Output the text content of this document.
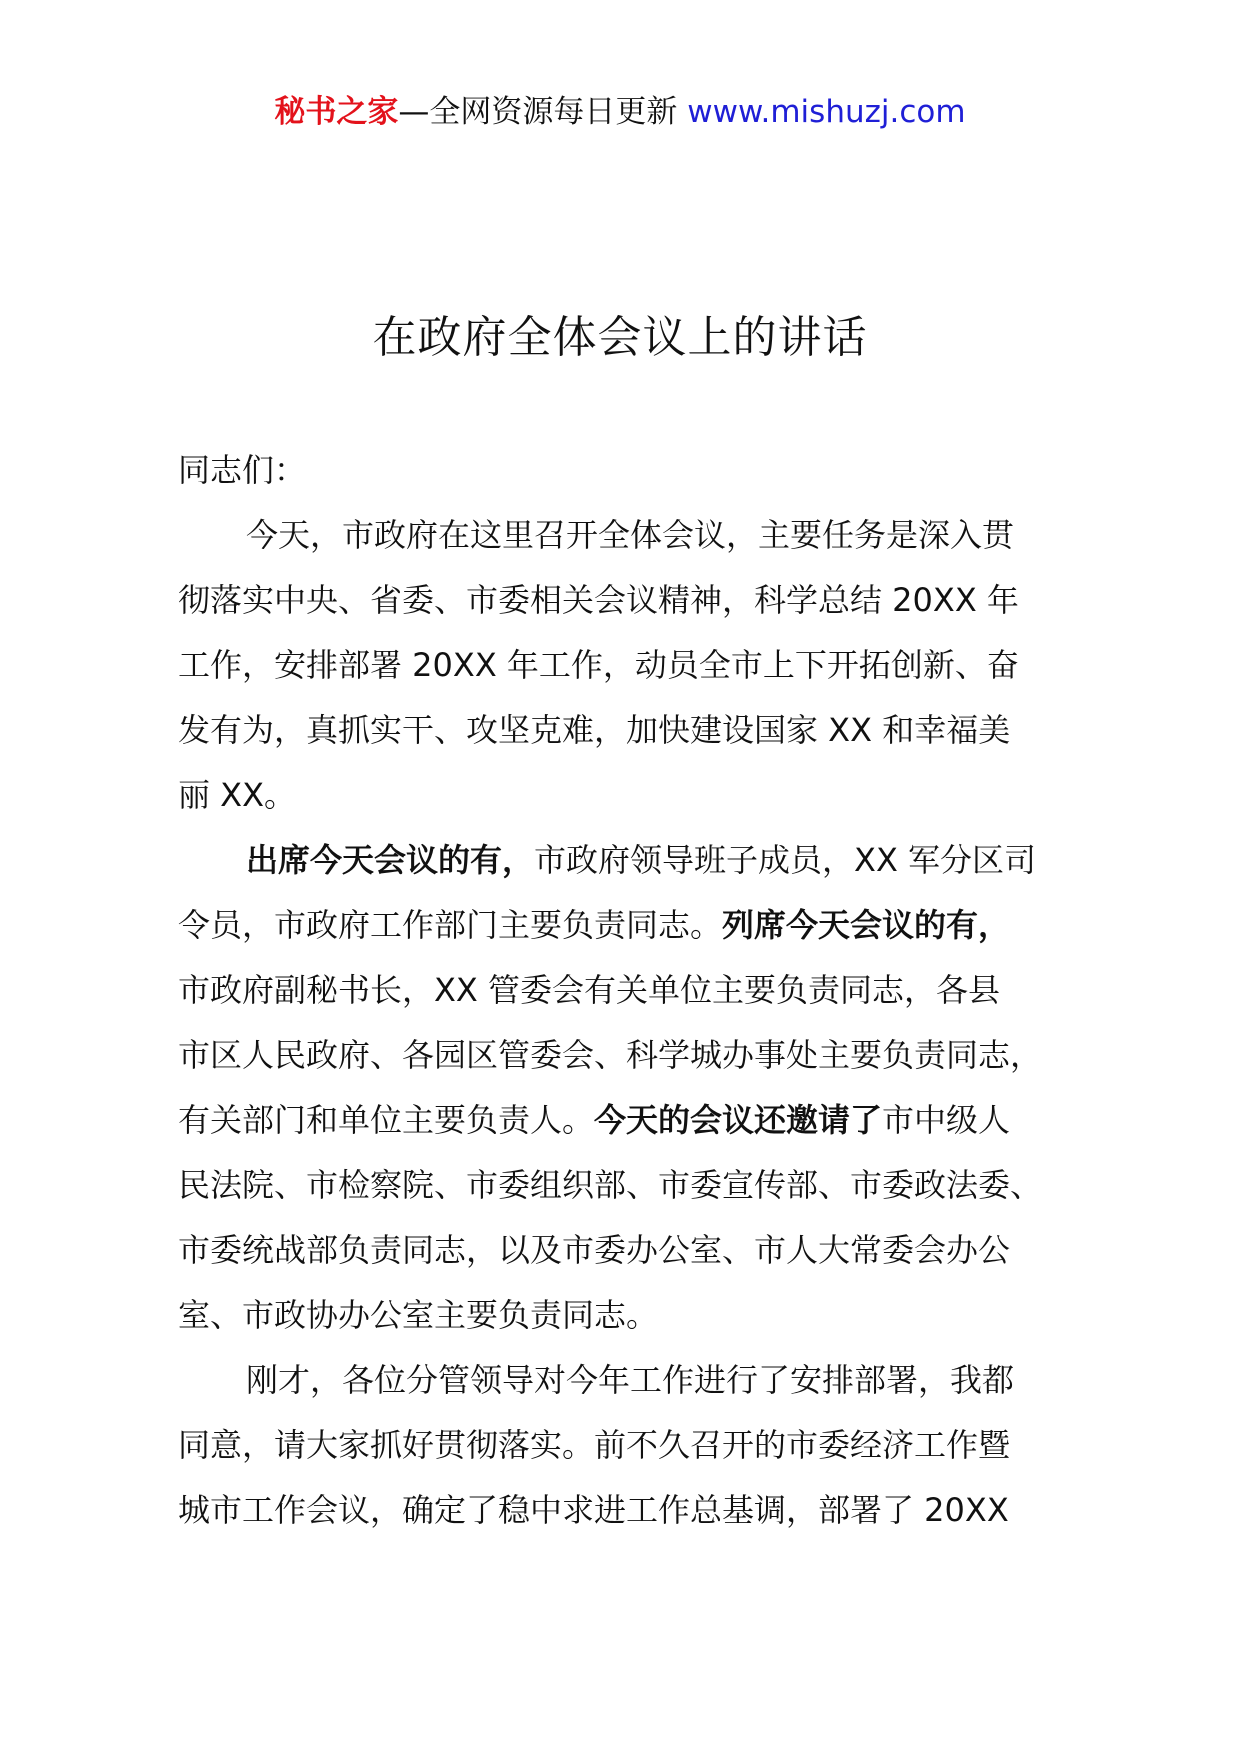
秘书之家—全网资源每日更新 www.mishuzj.com
在政府全体会议上的讲话

同志们：

今天，市政府在这里召开全体会议，主要任务是深入贯
彻落实中央、省委、市委相关会议精神，科学总结 20XX 年
工作，安排部署 20XX 年工作，动员全市上下开拓创新、奋
发有为，真抓实干、攻坚克难，加快建设国家 XX 和幸福美
丽 XX。

出席今天会议的有，市政府领导班子成员，XX 军分区司
令员，市政府工作部门主要负责同志。列席今天会议的有，
市政府副秘书长，XX 管委会有关单位主要负责同志，各县
市区人民政府、各园区管委会、科学城办事处主要负责同志，
有关部门和单位主要负责人。今天的会议还邀请了市中级人
民法院、市检察院、市委组织部、市委宣传部、市委政法委、
市委统战部负责同志，以及市委办公室、市人大常委会办公
室、市政协办公室主要负责同志。

刚才，各位分管领导对今年工作进行了安排部署，我都
同意，请大家抓好贯彻落实。前不久召开的市委经济工作暨
城市工作会议，确定了稳中求进工作总基调，部署了 20XX
